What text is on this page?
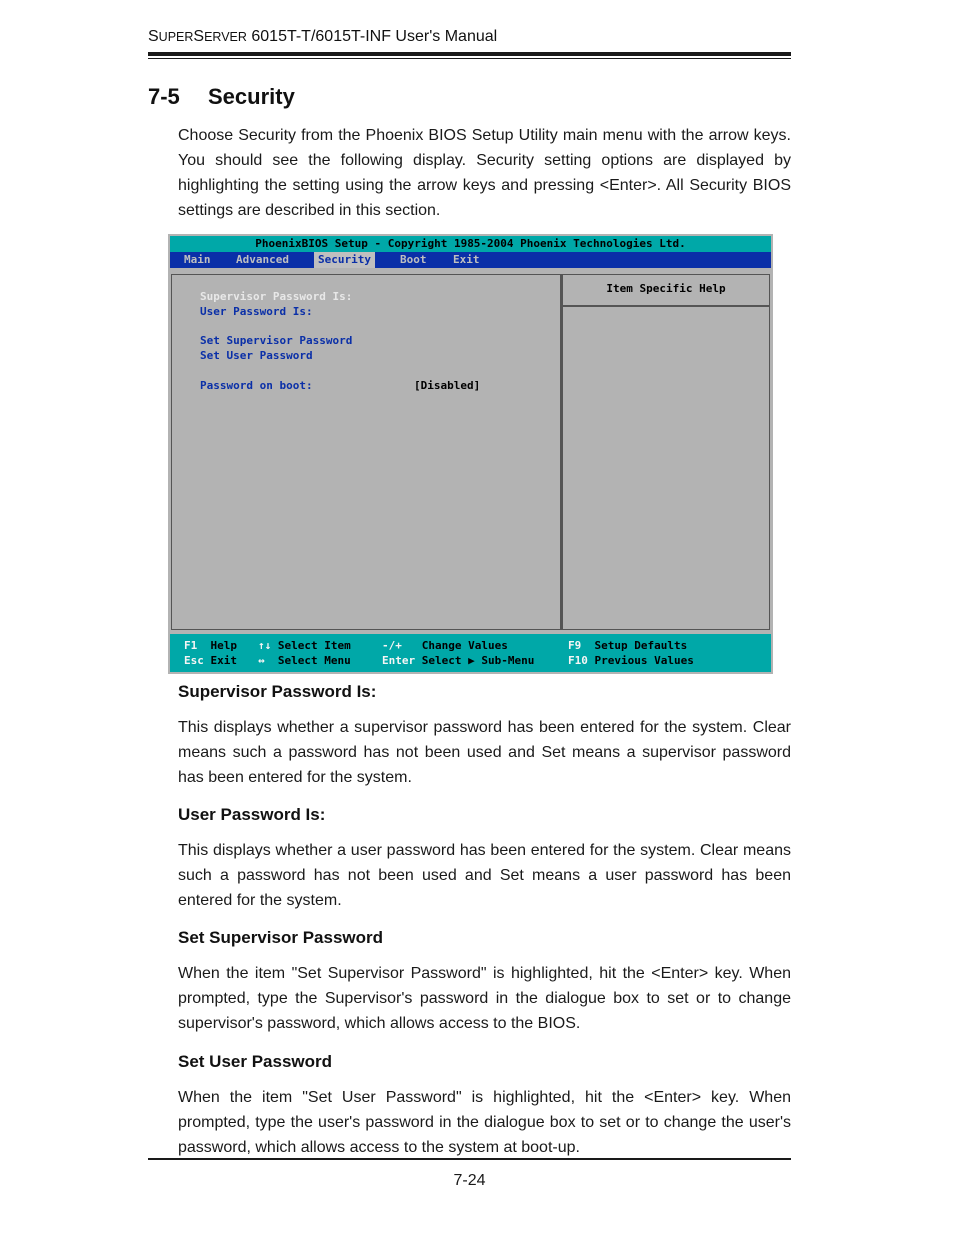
SUPERSERVER 6015T-T/6015T-INF User's Manual
7-5 Security
Choose Security from the Phoenix BIOS Setup Utility main menu with the arrow keys. You should see the following display. Security setting options are displayed by highlighting the setting using the arrow keys and pressing <Enter>. All Security BIOS settings are described in this section.
PhoenixBIOS Setup - Copyright 1985-2004 Phoenix Technologies Ltd.
Main	Advanced	Security	Boot	Exit
Supervisor Password Is:
User Password Is:
Set Supervisor Password
Set User Password
Password on boot:	[Disabled]
Item Specific Help
F1 Help ↑↓ Select Item	-/+ Change Values	F9 Setup Defaults
Esc Exit ↔ Select Menu	Enter Select ▶ Sub-Menu	F10 Previous Values
Supervisor Password Is:
This displays whether a supervisor password has been entered for the system. Clear means such a password has not been used and Set means a supervisor password has been entered for the system.
User Password Is:
This displays whether a user password has been entered for the system. Clear means such a password has not been used and Set means a user password has been entered for the system.
Set Supervisor Password
When the item "Set Supervisor Password" is highlighted, hit the <Enter> key. When prompted, type the Supervisor's password in the dialogue box to set or to change supervisor's password, which allows access to the BIOS.
Set User Password
When the item "Set User Password" is highlighted, hit the <Enter> key. When prompted, type the user's password in the dialogue box to set or to change the user's password, which allows access to the system at boot-up.
7-24
